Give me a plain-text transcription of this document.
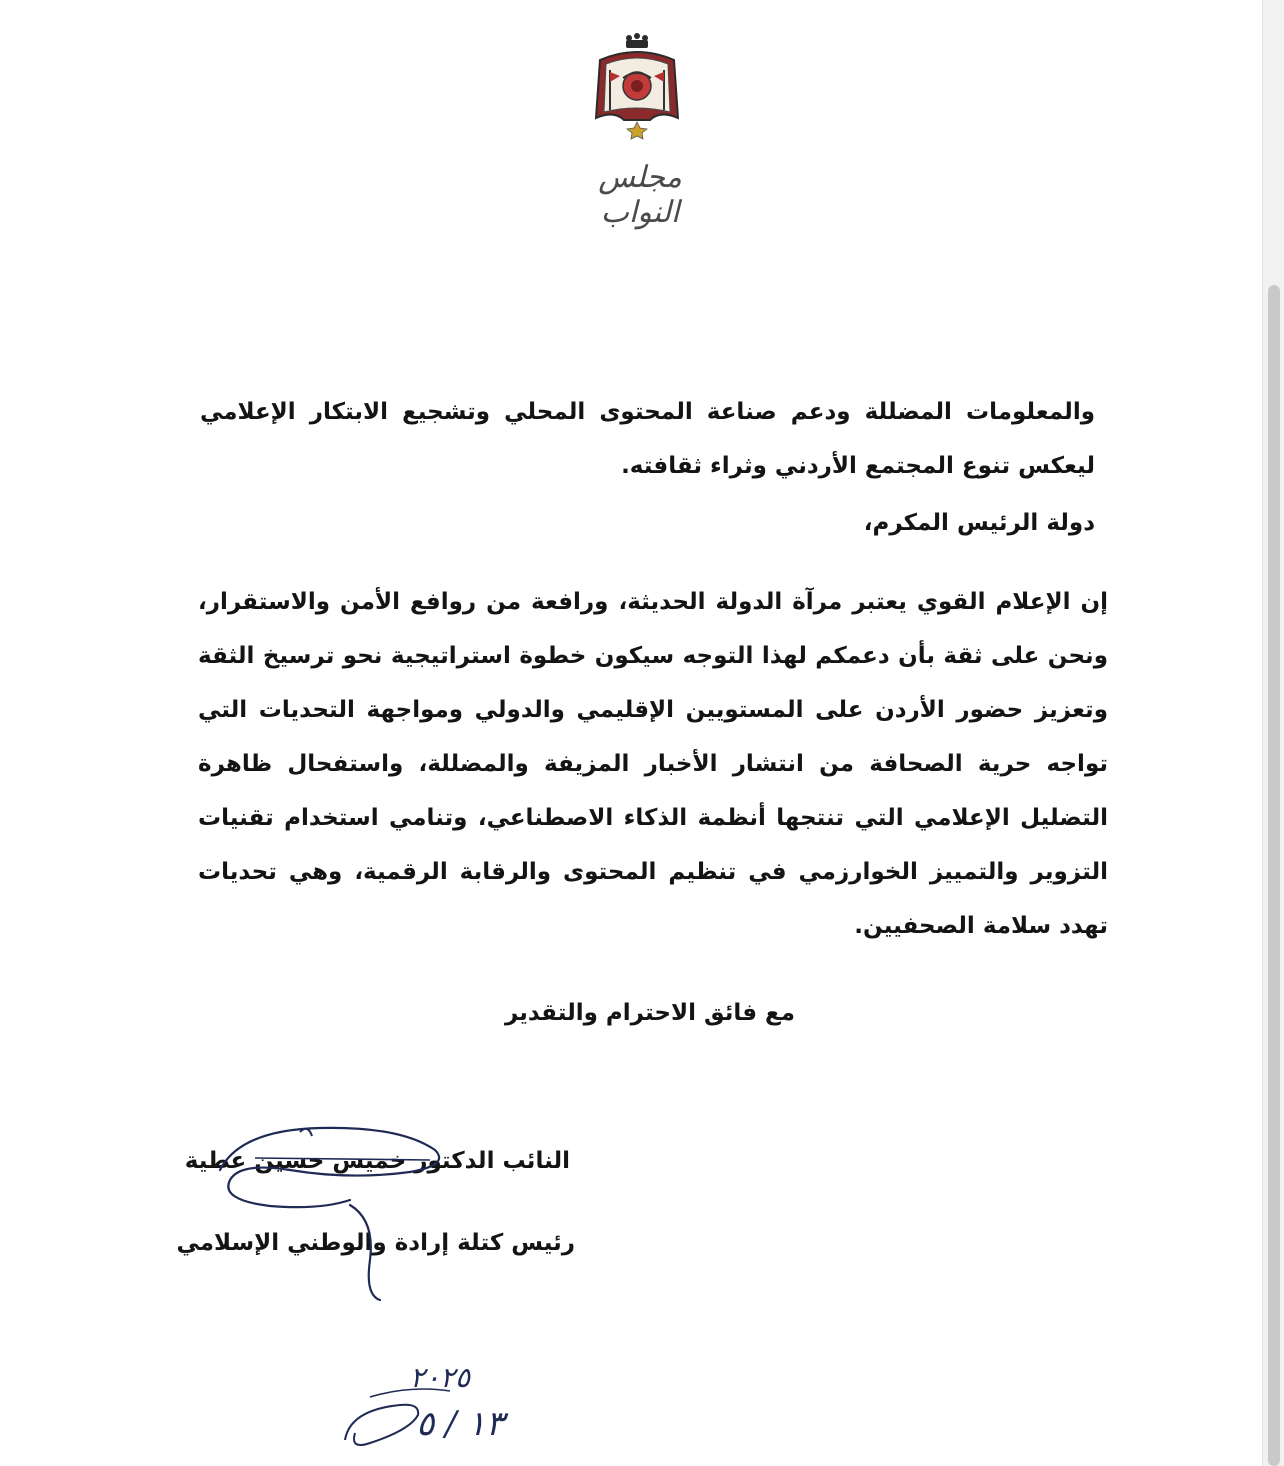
مجلس النواب
والمعلومات المضللة ودعم صناعة المحتوى المحلي وتشجيع الابتكار الإعلامي ليعكس تنوع المجتمع الأردني وثراء ثقافته.
دولة الرئيس المكرم،
إن الإعلام القوي يعتبر مرآة الدولة الحديثة، ورافعة من روافع الأمن والاستقرار، ونحن على ثقة بأن دعمكم لهذا التوجه سيكون خطوة استراتيجية نحو ترسيخ الثقة وتعزيز حضور الأردن على المستويين الإقليمي والدولي ومواجهة التحديات التي تواجه حرية الصحافة من انتشار الأخبار المزيفة والمضللة، واستفحال ظاهرة التضليل الإعلامي التي تنتجها أنظمة الذكاء الاصطناعي، وتنامي استخدام تقنيات التزوير والتمييز الخوارزمي في تنظيم المحتوى والرقابة الرقمية، وهي تحديات تهدد سلامة الصحفيين.
مع فائق الاحترام والتقدير
النائب الدكتور خميس حسين عطية
رئيس كتلة إرادة والوطني الإسلامي
٢٠٢٥
١٣ / ٥
